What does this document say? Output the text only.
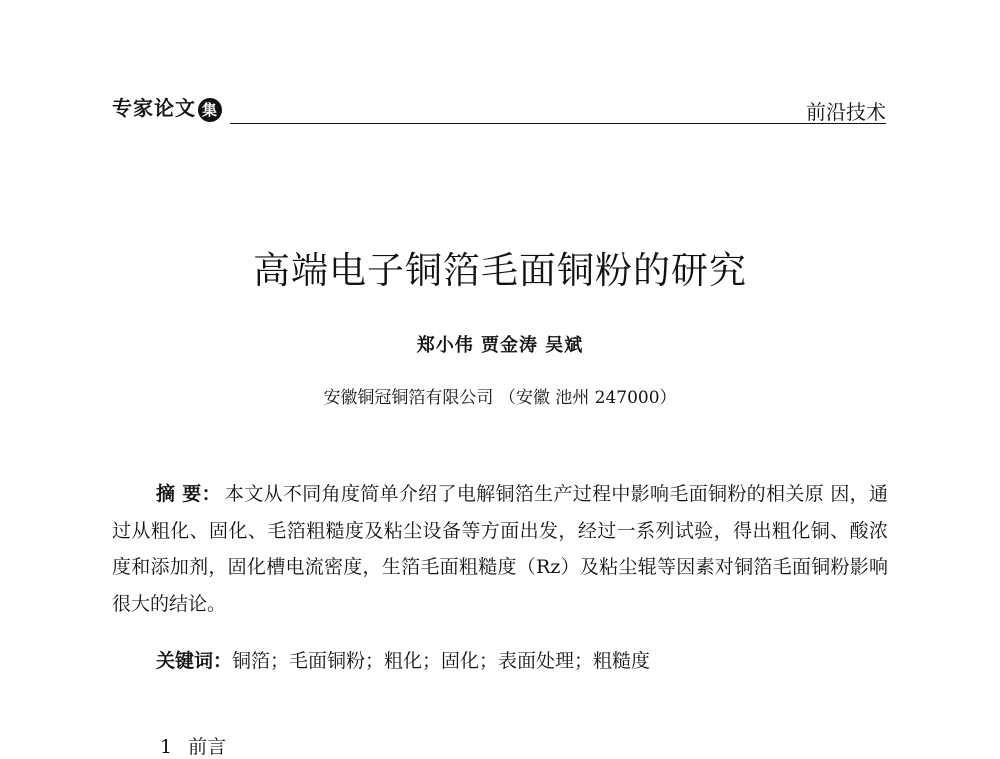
专家论文 集	前沿技术
高端电子铜箔毛面铜粉的研究
郑小伟 贾金涛 吴斌
安徽铜冠铜箔有限公司 （安徽 池州 247000）
摘 要： 本文从不同角度简单介绍了电解铜箔生产过程中影响毛面铜粉的相关原 因，通过从粗化、固化、毛箔粗糙度及粘尘设备等方面出发，经过一系列试验，得出粗化铜、酸浓度和添加剂，固化槽电流密度，生箔毛面粗糙度（Rz）及粘尘辊等因素对铜箔毛面铜粉影响很大的结论。
关键词：铜箔；毛面铜粉；粗化；固化；表面处理；粗糙度
1 前言
